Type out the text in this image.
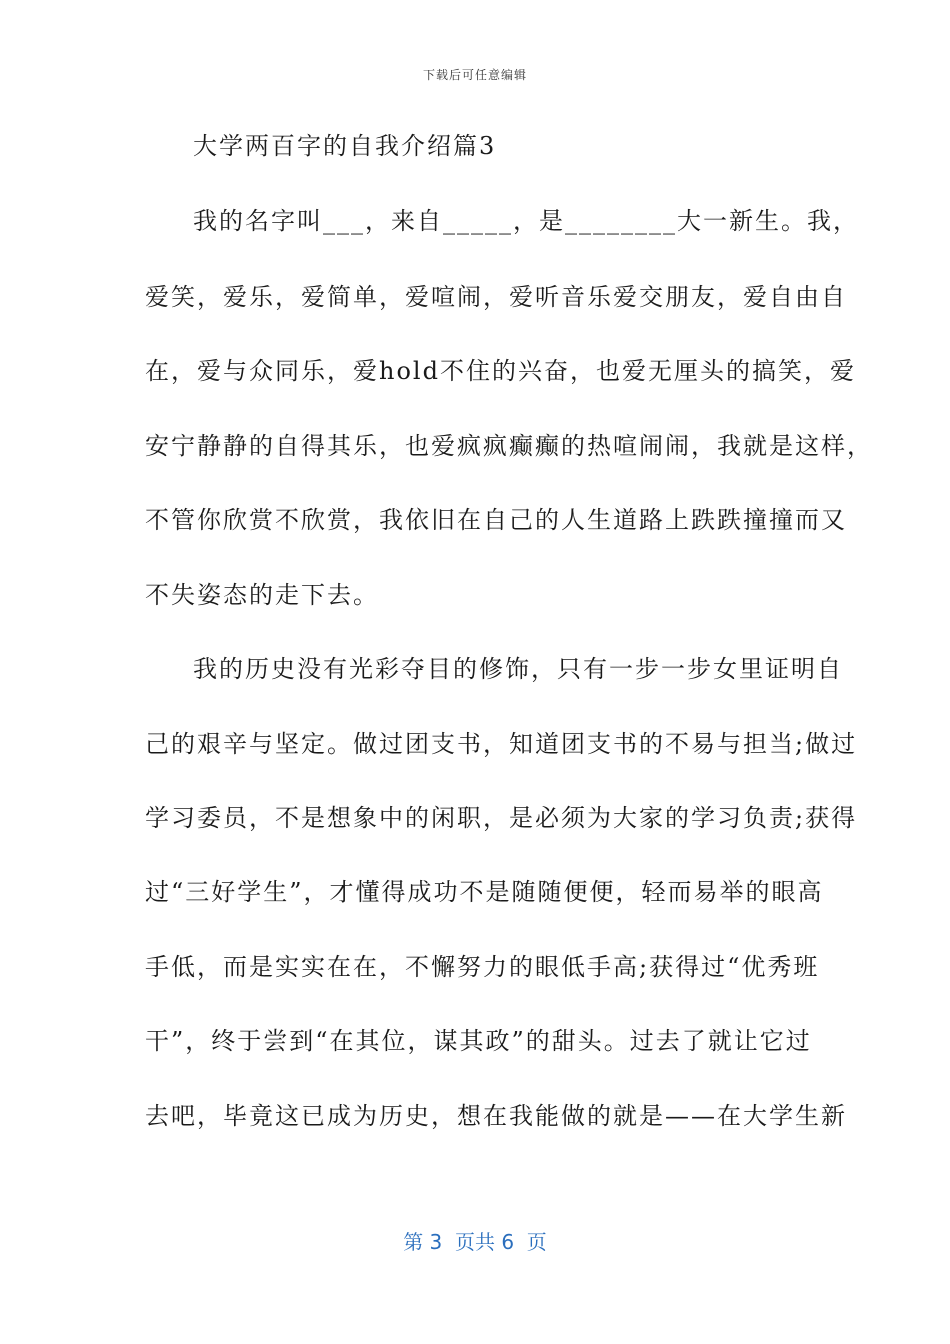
下载后可任意编辑
大学两百字的自我介绍篇3
我的名字叫___，来自_____，是________大一新生。我，
爱笑，爱乐，爱简单，爱喧闹，爱听音乐爱交朋友，爱自由自
在，爱与众同乐，爱hold不住的兴奋，也爱无厘头的搞笑，爱
安宁静静的自得其乐，也爱疯疯癫癫的热喧闹闹，我就是这样，
不管你欣赏不欣赏，我依旧在自己的人生道路上跌跌撞撞而又
不失姿态的走下去。
我的历史没有光彩夺目的修饰，只有一步一步女里证明自
己的艰辛与坚定。做过团支书，知道团支书的不易与担当;做过
学习委员，不是想象中的闲职，是必须为大家的学习负责;获得
过“三好学生”，才懂得成功不是随随便便，轻而易举的眼高
手低，而是实实在在，不懈努力的眼低手高;获得过“优秀班
干”，终于尝到“在其位，谋其政”的甜头。过去了就让它过
去吧，毕竟这已成为历史，想在我能做的就是——在大学生新
第 3  页共 6  页
